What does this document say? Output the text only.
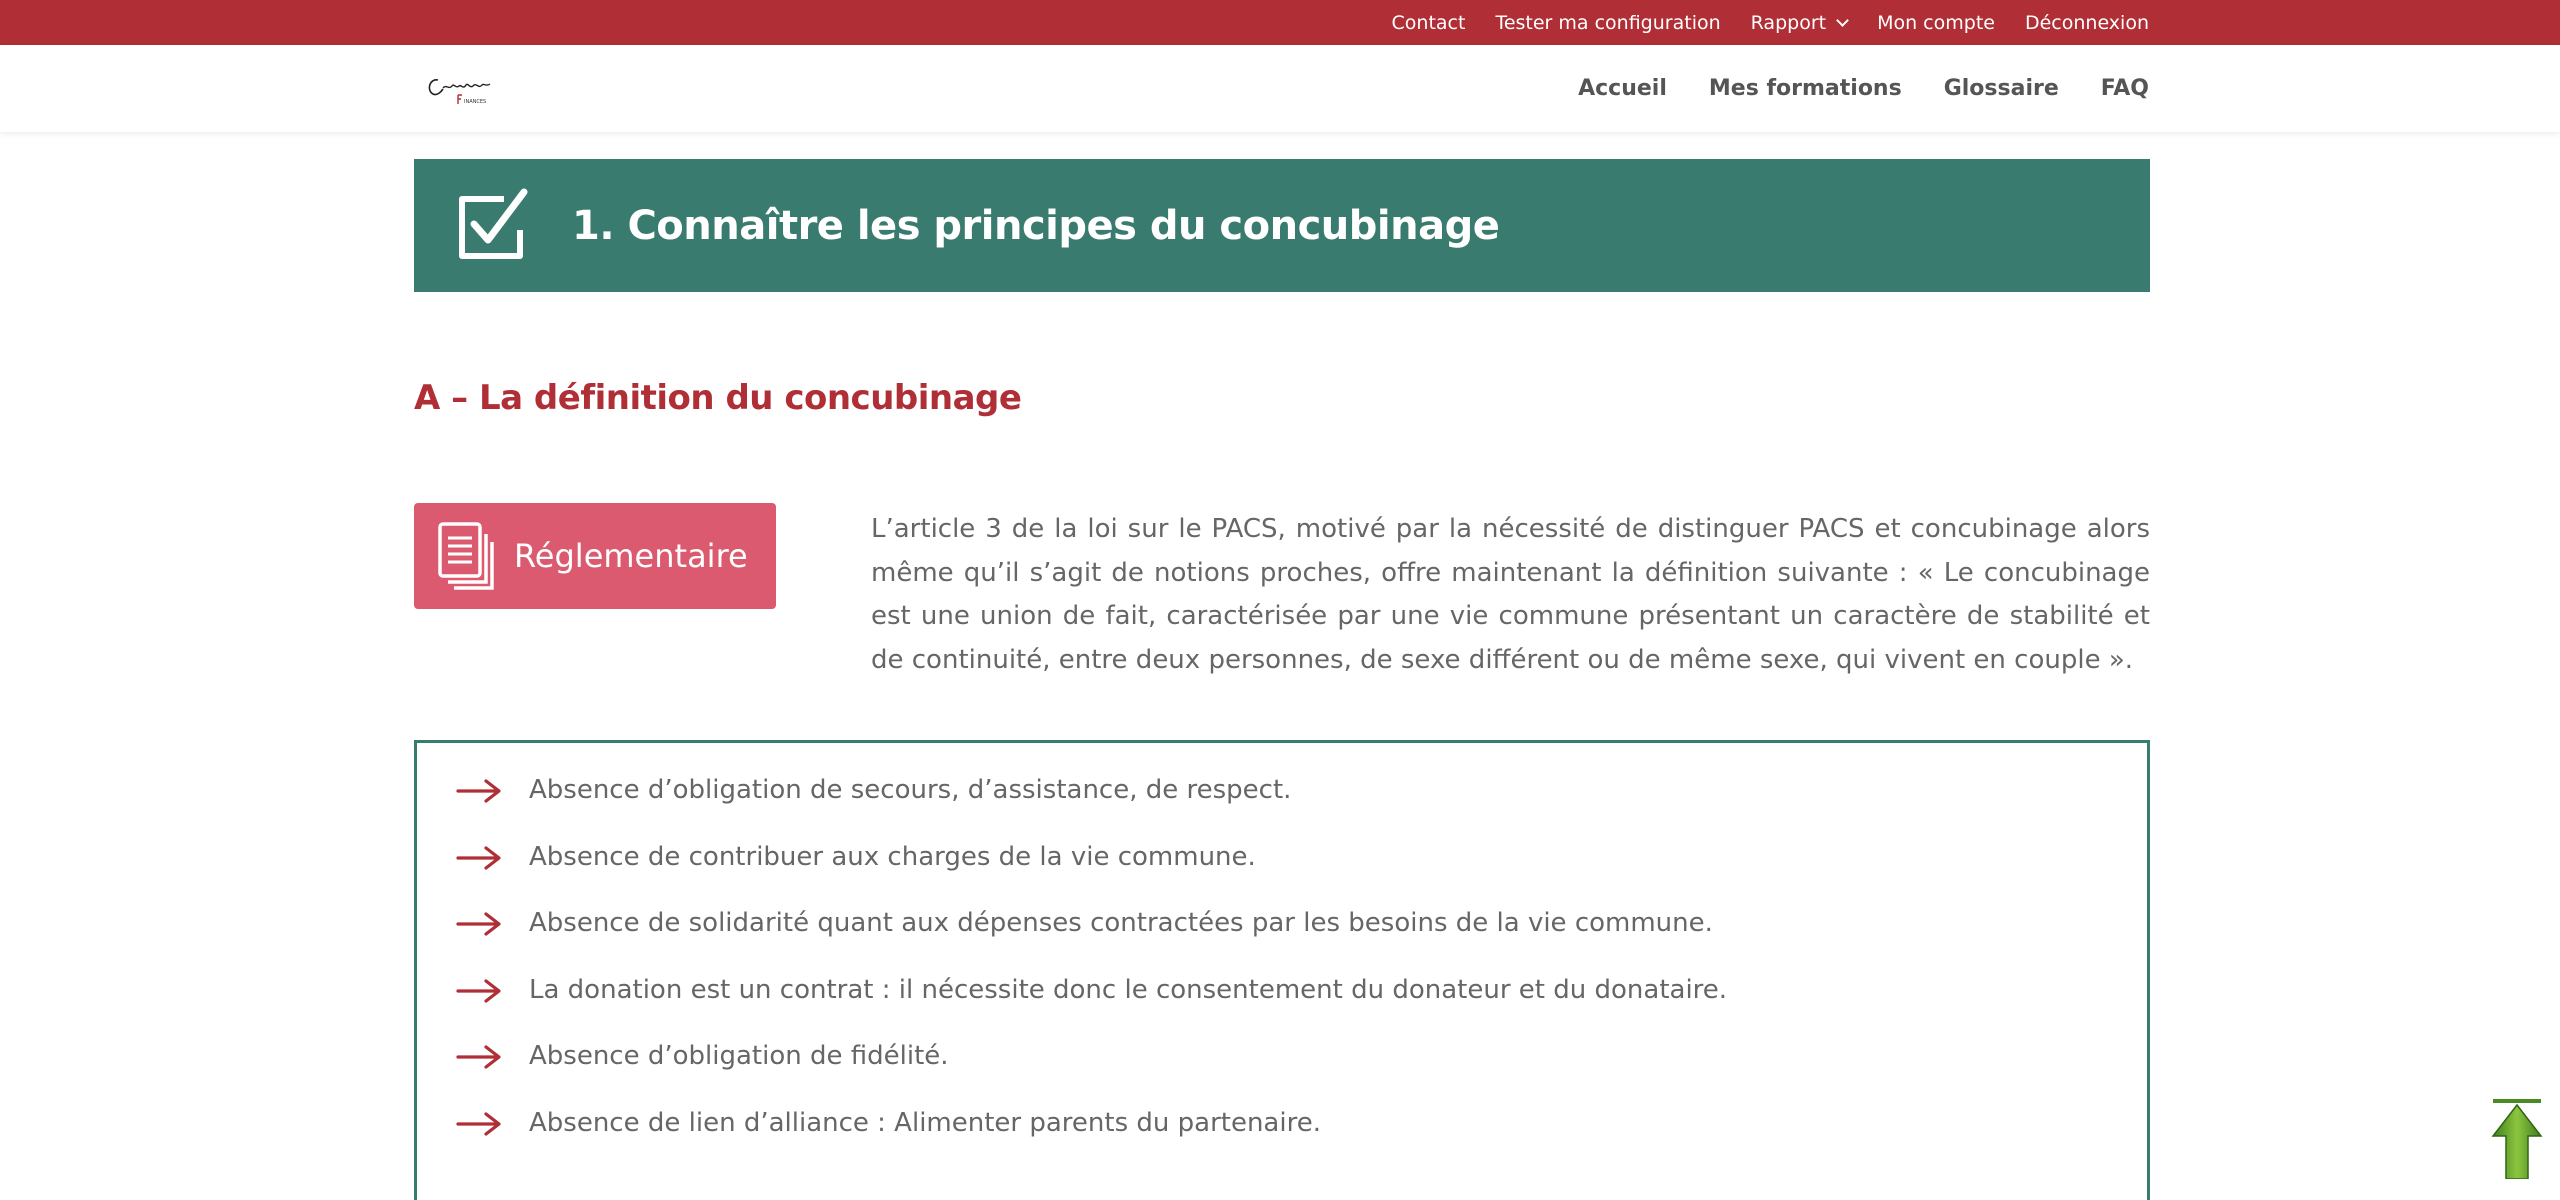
Contact Tester ma configuration Rapport	Mon compte Déconnexion
INANCES
Accueil Mes formations Glossaire FAQ
1. Connaître les principes du concubinage
A – La définition du concubinage
Réglementaire

L’article 3 de la loi sur le PACS, motivé par la nécessité de distinguer PACS et concubinage alors même qu’il s’agit de notions proches, offre maintenant la définition suivante : « Le concubinage est une union de fait, caractérisée par une vie commune présentant un caractère de stabilité et de continuité, entre deux personnes, de sexe différent ou de même sexe, qui vivent en couple ».

Absence d’obligation de secours, d’assistance, de respect.
Absence de contribuer aux charges de la vie commune.
Absence de solidarité quant aux dépenses contractées par les besoins de la vie commune.
La donation est un contrat : il nécessite donc le consentement du donateur et du donataire.
Absence d’obligation de fidélité.
Absence de lien d’alliance : Alimenter parents du partenaire.
